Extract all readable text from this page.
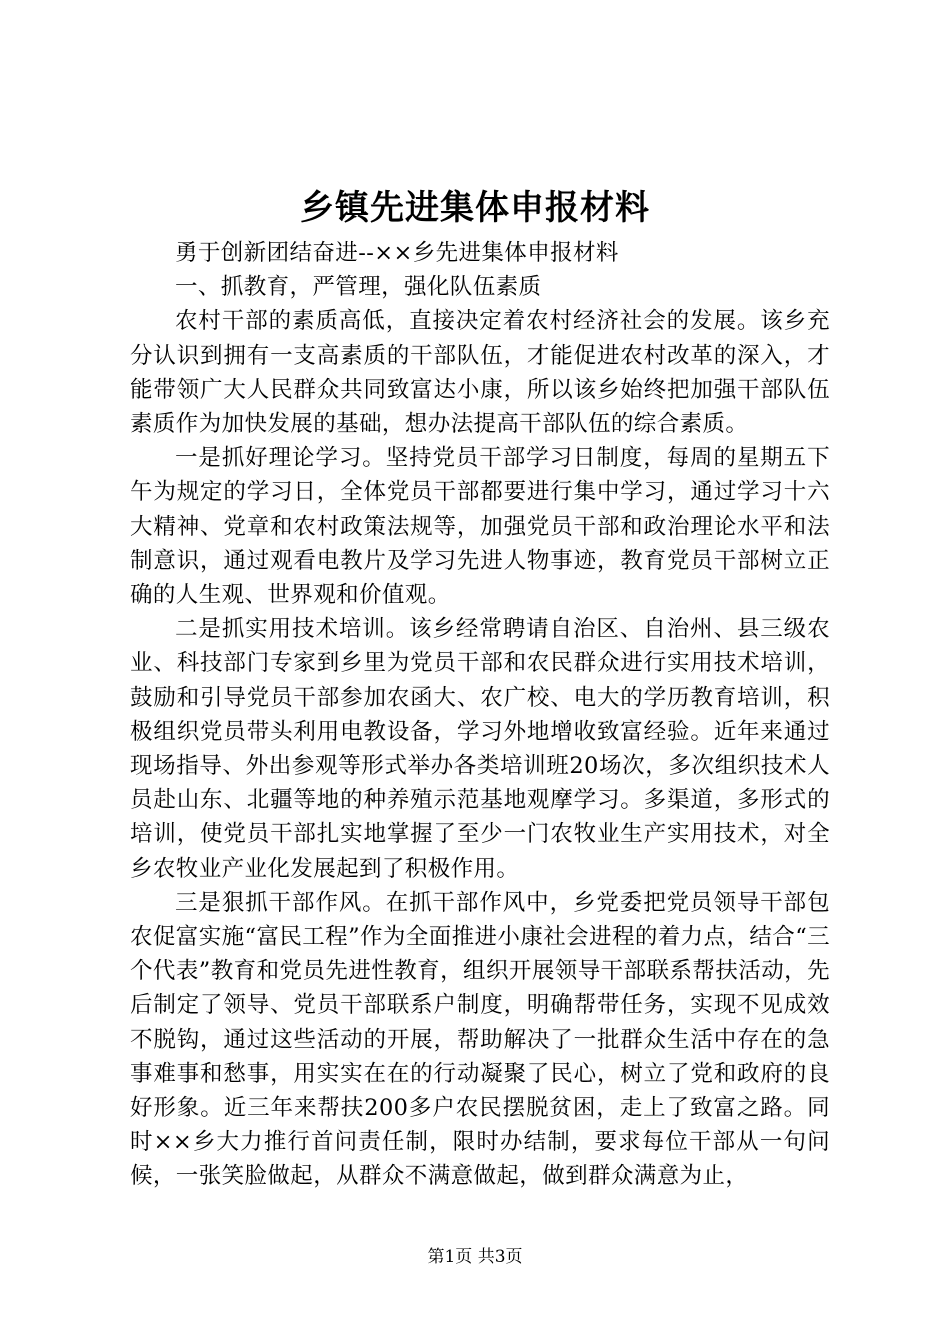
乡镇先进集体申报材料

勇于创新团结奋进--××乡先进集体申报材料

一、抓教育，严管理，强化队伍素质

农村干部的素质高低，直接决定着农村经济社会的发展。该乡充分认识到拥有一支高素质的干部队伍，才能促进农村改革的深入，才能带领广大人民群众共同致富达小康，所以该乡始终把加强干部队伍素质作为加快发展的基础，想办法提高干部队伍的综合素质。

一是抓好理论学习。坚持党员干部学习日制度，每周的星期五下午为规定的学习日，全体党员干部都要进行集中学习，通过学习十六大精神、党章和农村政策法规等，加强党员干部和政治理论水平和法制意识，通过观看电教片及学习先进人物事迹，教育党员干部树立正确的人生观、世界观和价值观。

二是抓实用技术培训。该乡经常聘请自治区、自治州、县三级农业、科技部门专家到乡里为党员干部和农民群众进行实用技术培训，鼓励和引导党员干部参加农函大、农广校、电大的学历教育培训，积极组织党员带头利用电教设备，学习外地增收致富经验。近年来通过现场指导、外出参观等形式举办各类培训班20场次，多次组织技术人员赴山东、北疆等地的种养殖示范基地观摩学习。多渠道，多形式的培训，使党员干部扎实地掌握了至少一门农牧业生产实用技术，对全乡农牧业产业化发展起到了积极作用。

三是狠抓干部作风。在抓干部作风中，乡党委把党员领导干部包农促富实施“富民工程”作为全面推进小康社会进程的着力点，结合“三个代表”教育和党员先进性教育，组织开展领导干部联系帮扶活动，先后制定了领导、党员干部联系户制度，明确帮带任务，实现不见成效不脱钩，通过这些活动的开展，帮助解决了一批群众生活中存在的急事难事和愁事，用实实在在的行动凝聚了民心，树立了党和政府的良好形象。近三年来帮扶200多户农民摆脱贫困，走上了致富之路。同时××乡大力推行首问责任制，限时办结制，要求每位干部从一句问候，一张笑脸做起，从群众不满意做起，做到群众满意为止，

第1页 共3页
